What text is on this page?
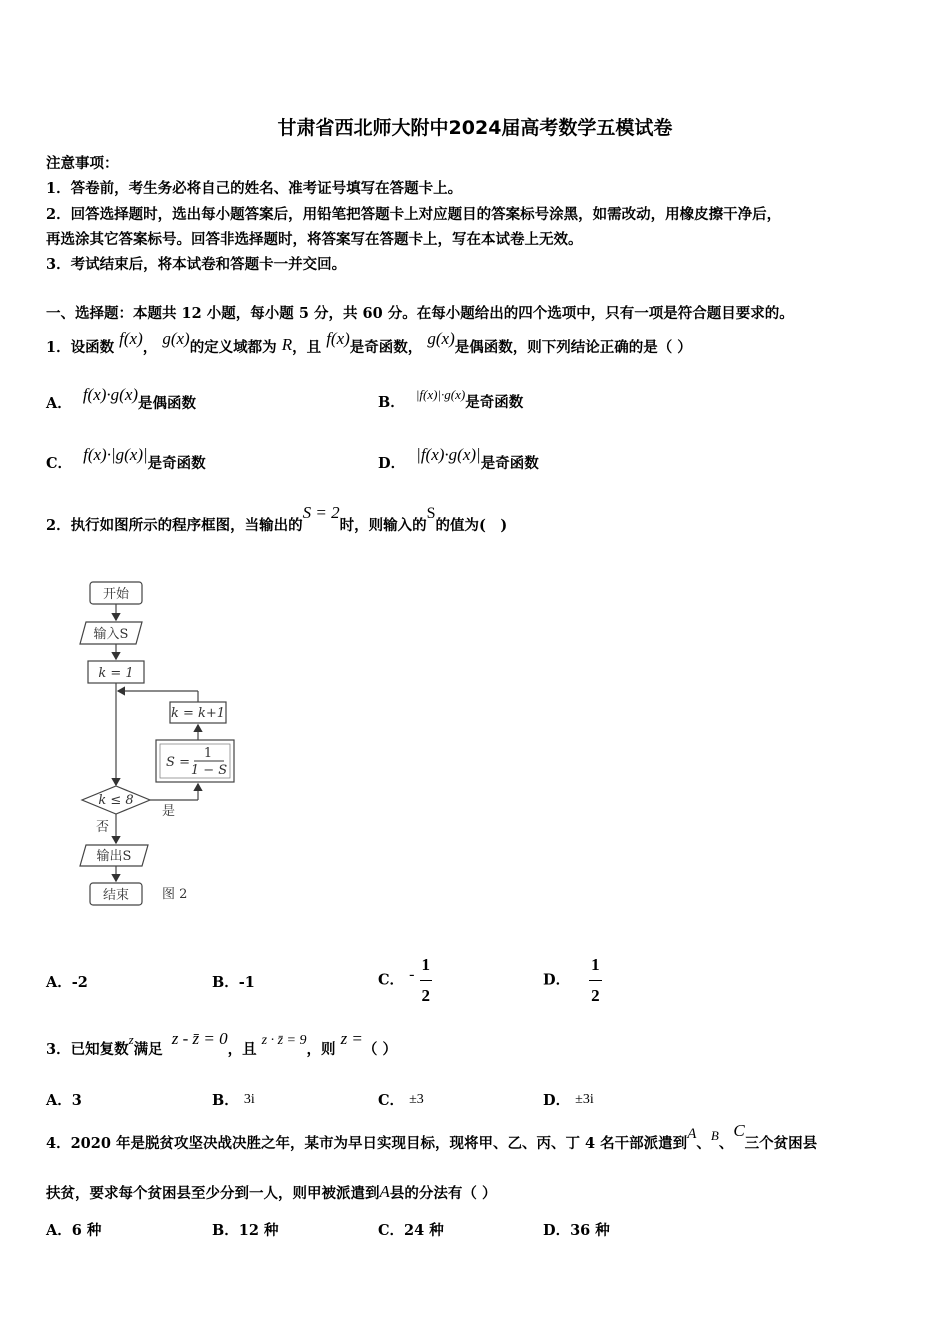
甘肃省西北师大附中2024届高考数学五模试卷
注意事项：
1．答卷前，考生务必将自己的姓名、准考证号填写在答题卡上。
2．回答选择题时，选出每小题答案后，用铅笔把答题卡上对应题目的答案标号涂黑，如需改动，用橡皮擦干净后，
再选涂其它答案标号。回答非选择题时，将答案写在答题卡上，写在本试卷上无效。
3．考试结束后，将本试卷和答题卡一并交回。
一、选择题：本题共 12 小题，每小题 5 分，共 60 分。在每小题给出的四个选项中，只有一项是符合题目要求的。
1．设函数 f(x)， g(x)的定义域都为 R，且 f(x)是奇函数， g(x)是偶函数，则下列结论正确的是（ ）
A． f(x)·g(x)是偶函数	B． |f(x)|·g(x)是奇函数
C． f(x)·|g(x)|是奇函数	D． |f(x)·g(x)|是奇函数
2．执行如图所示的程序框图，当输出的S = 2时，则输入的S的值为(　)
开始
输入S
k = 1
k = k+1
S =
1
1 − S
是
k ≤ 8
否
输出S
结束	图 2
A．-2	B．-1	C． - $\frac{1}{2}$	D． $\frac{1}{2}$
3．已知复数z满足 z - z̄ = 0，且 z · z̄ = 9，则 z =（ ）
A．3	B． 3i	C． ±3	D． ±3i
4．2020 年是脱贫攻坚决战决胜之年，某市为早日实现目标，现将甲、乙、丙、丁 4 名干部派遣到A、B、C三个贫困县
扶贫，要求每个贫困县至少分到一人，则甲被派遣到A县的分法有（ ）
A．6 种	B．12 种	C．24 种	D．36 种
